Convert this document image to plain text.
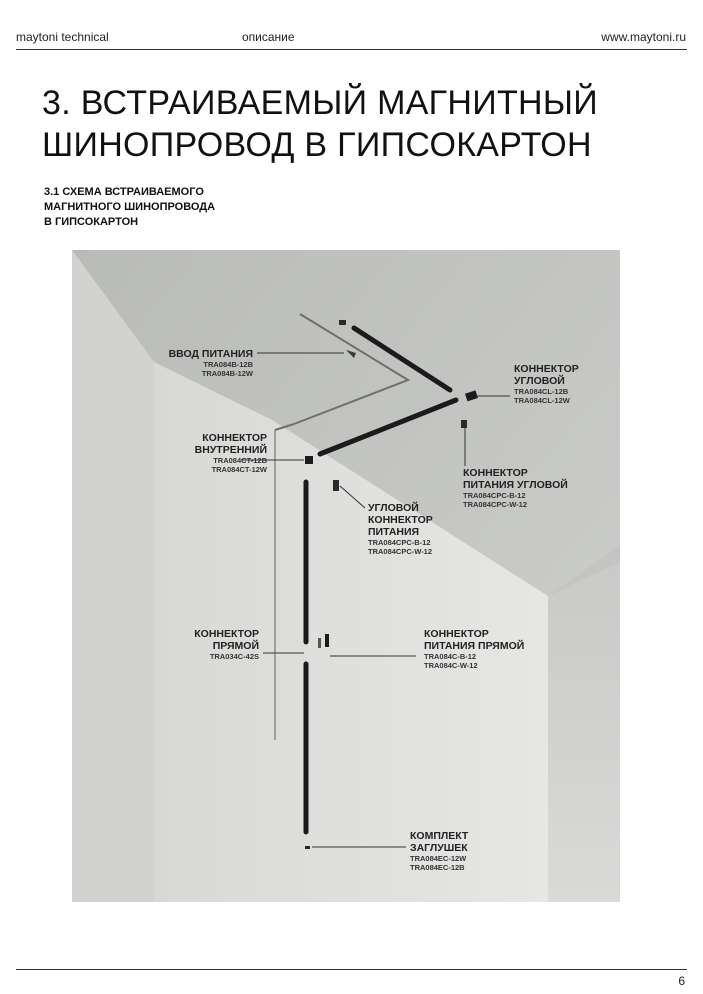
maytoni technical	описание	www.maytoni.ru
3. ВСТРАИВАЕМЫЙ МАГНИТНЫЙ
ШИНОПРОВОД В ГИПСОКАРТОН
3.1 СХЕМА ВСТРАИВАЕМОГО
МАГНИТНОГО ШИНОПРОВОДА
В ГИПСОКАРТОН
ВВОД ПИТАНИЯ
TRA084B-12B
TRA084B-12W	КОННЕКТОР
УГЛОВОЙ
TRA084CL-12B
TRA084CL-12W
КОННЕКТОР
ВНУТРЕННИЙ
TRA084CT-12B
TRA084CT-12W	КОННЕКТОР
ПИТАНИЯ УГЛОВОЙ
TRA084CPC-B-12
TRA084CPC-W-12
УГЛОВОЙ
КОННЕКТОР
ПИТАНИЯ
TRA084CPC-B-12
TRA084CPC-W-12
КОННЕКТОР
ПРЯМОЙ
TRA034C-42S
КОННЕКТОР
ПИТАНИЯ ПРЯМОЙ
TRA084C-B-12
TRA084C-W-12
КОМПЛЕКТ
ЗАГЛУШЕК
TRA084EC-12W
TRA084EC-12B
6
